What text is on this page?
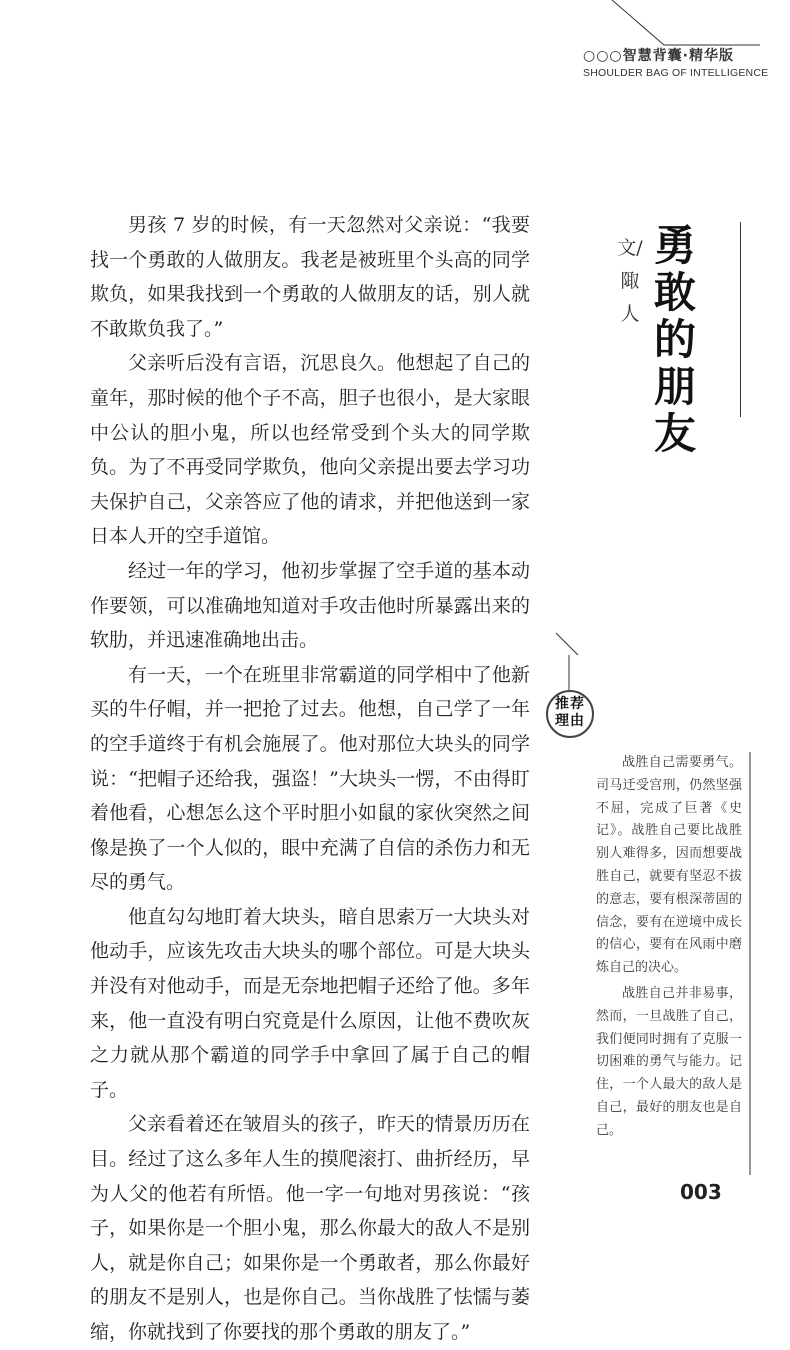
○○○智慧背囊·精华版
SHOULDER BAG OF INTELLIGENCE
勇敢的朋友
文/陬 人

男孩 7 岁的时候，有一天忽然对父亲说：“我要找一个勇敢的人做朋友。我老是被班里个头高的同学欺负，如果我找到一个勇敢的人做朋友的话，别人就不敢欺负我了。”

父亲听后没有言语，沉思良久。他想起了自己的童年，那时候的他个子不高，胆子也很小，是大家眼中公认的胆小鬼，所以也经常受到个头大的同学欺负。为了不再受同学欺负，他向父亲提出要去学习功夫保护自己，父亲答应了他的请求，并把他送到一家日本人开的空手道馆。

经过一年的学习，他初步掌握了空手道的基本动作要领，可以准确地知道对手攻击他时所暴露出来的软肋，并迅速准确地出击。

有一天，一个在班里非常霸道的同学相中了他新买的牛仔帽，并一把抢了过去。他想，自己学了一年的空手道终于有机会施展了。他对那位大块头的同学说：“把帽子还给我，强盗！”大块头一愣，不由得盯着他看，心想怎么这个平时胆小如鼠的家伙突然之间像是换了一个人似的，眼中充满了自信的杀伤力和无尽的勇气。

他直勾勾地盯着大块头，暗自思索万一大块头对他动手，应该先攻击大块头的哪个部位。可是大块头并没有对他动手，而是无奈地把帽子还给了他。多年来，他一直没有明白究竟是什么原因，让他不费吹灰之力就从那个霸道的同学手中拿回了属于自己的帽子。

父亲看着还在皱眉头的孩子，昨天的情景历历在目。经过了这么多年人生的摸爬滚打、曲折经历，早为人父的他若有所悟。他一字一句地对男孩说：“孩子，如果你是一个胆小鬼，那么你最大的敌人不是别人，就是你自己；如果你是一个勇敢者，那么你最好的朋友不是别人，也是你自己。当你战胜了怯懦与萎缩，你就找到了你要找的那个勇敢的朋友了。”

推荐
理由

战胜自己需要勇气。司马迁受宫刑，仍然坚强不屈，完成了巨著《史记》。战胜自己要比战胜别人难得多，因而想要战胜自己，就要有坚忍不拔的意志，要有根深蒂固的信念，要有在逆境中成长的信心，要有在风雨中磨炼自己的决心。

战胜自己并非易事，然而，一旦战胜了自己，我们便同时拥有了克服一切困难的勇气与能力。记住，一个人最大的敌人是自己，最好的朋友也是自己。

003
